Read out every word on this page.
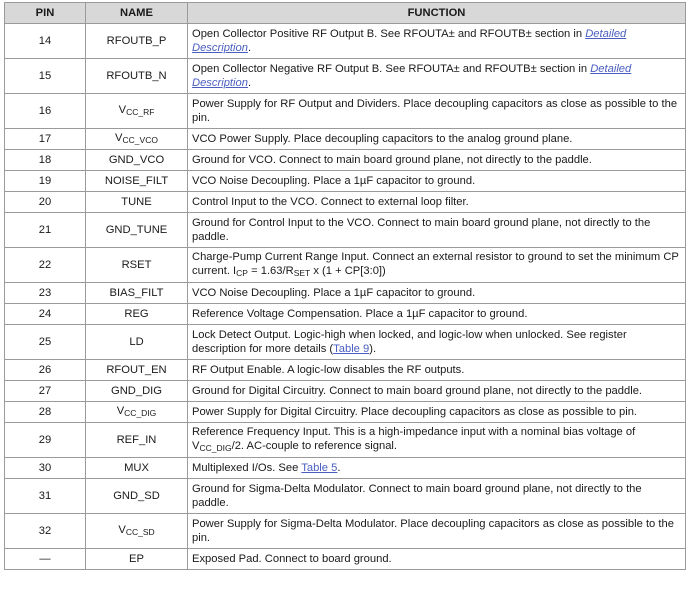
PIN	NAME	FUNCTION
14	RFOUTB_P	Open Collector Positive RF Output B. See RFOUTA± and RFOUTB± section in Detailed Description.
15	RFOUTB_N	Open Collector Negative RF Output B. See RFOUTA± and RFOUTB± section in Detailed Description.
16	$V_{CC\_RF}$	Power Supply for RF Output and Dividers. Place decoupling capacitors as close as possible to the pin.
17	$V_{CC\_VCO}$	VCO Power Supply. Place decoupling capacitors to the analog ground plane.
18	GND_VCO	Ground for VCO. Connect to main board ground plane, not directly to the paddle.
19	NOISE_FILT	VCO Noise Decoupling. Place a 1µF capacitor to ground.
20	TUNE	Control Input to the VCO. Connect to external loop filter.
21	GND_TUNE	Ground for Control Input to the VCO. Connect to main board ground plane, not directly to the paddle.
22	RSET	Charge-Pump Current Range Input. Connect an external resistor to ground to set the minimum CP current. ICP = 1.63/RSET x (1 + CP[3:0])
23	BIAS_FILT	VCO Noise Decoupling. Place a 1µF capacitor to ground.
24	REG	Reference Voltage Compensation. Place a 1µF capacitor to ground.
25	LD	Lock Detect Output. Logic-high when locked, and logic-low when unlocked. See register description for more details (Table 9).
26	RFOUT_EN	RF Output Enable. A logic-low disables the RF outputs.
27	GND_DIG	Ground for Digital Circuitry. Connect to main board ground plane, not directly to the paddle.
28	$V_{CC\_DIG}$	Power Supply for Digital Circuitry. Place decoupling capacitors as close as possible to pin.
29	REF_IN	Reference Frequency Input. This is a high-impedance input with a nominal bias voltage of VCC_DIG/2. AC-couple to reference signal.
30	MUX	Multiplexed I/Os. See Table 5.
31	GND_SD	Ground for Sigma-Delta Modulator. Connect to main board ground plane, not directly to the paddle.
32	$V_{CC\_SD}$	Power Supply for Sigma-Delta Modulator. Place decoupling capacitors as close as possible to the pin.
—	EP	Exposed Pad. Connect to board ground.
